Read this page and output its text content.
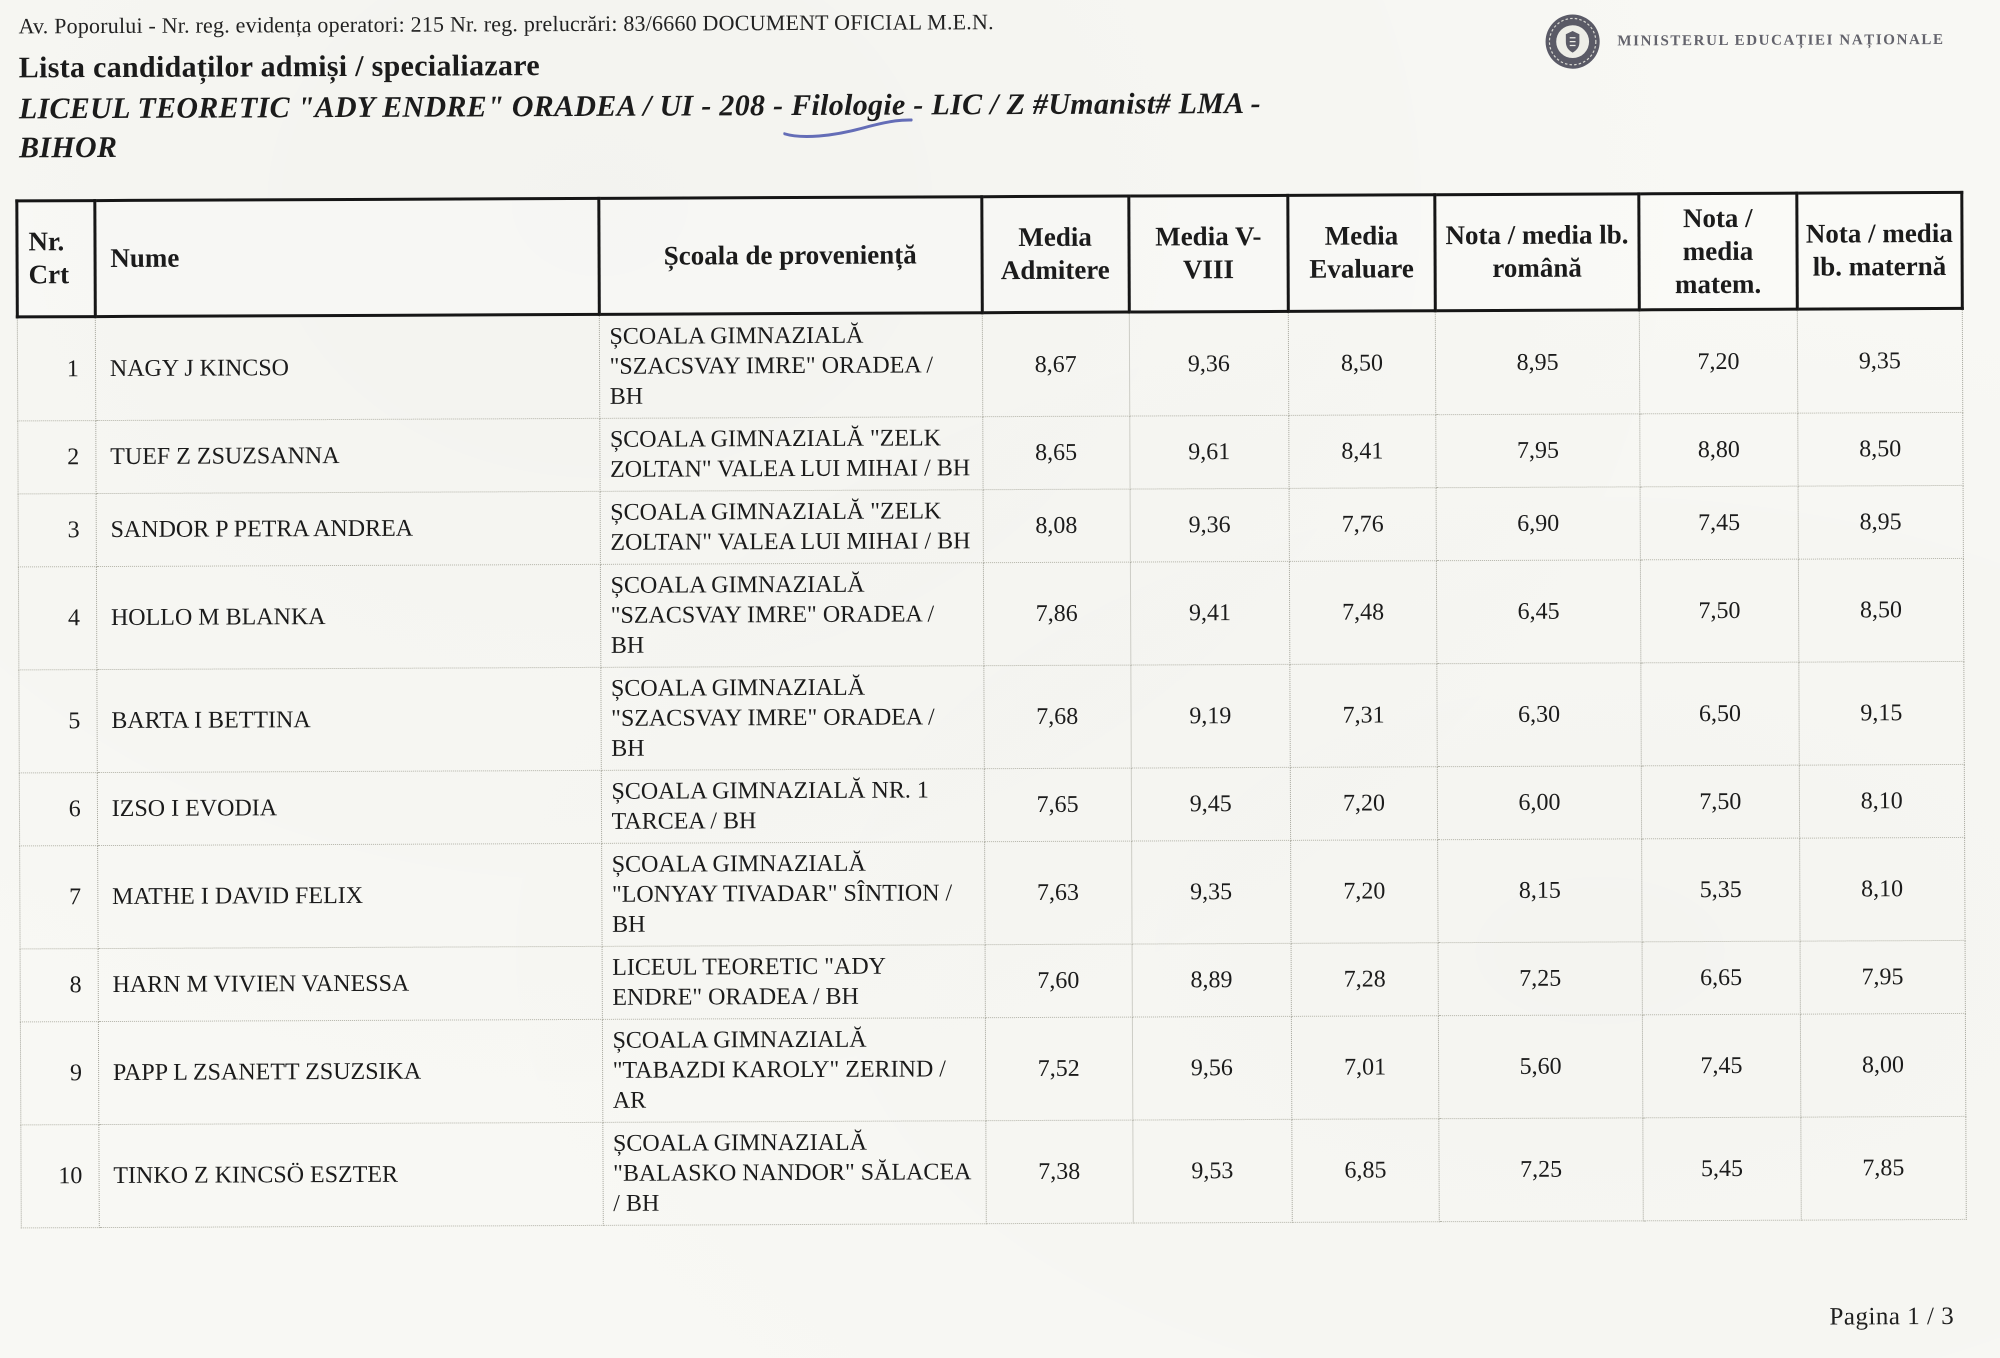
Av. Poporului - Nr. reg. evidența operatori: 215 Nr. reg. prelucrări: 83/6660 DOCUMENT OFICIAL M.E.N.
MINISTERUL EDUCAȚIEI NAȚIONALE
Lista candidaților admiși / specialiazare
LICEUL TEORETIC "ADY ENDRE" ORADEA / UI - 208 - Filologie
- LIC / Z #Umanist# LMA -
BIHOR
Nr. Crt	Nume	Școala de proveniență	Media Admitere	Media V-VIII	Media Evaluare	Nota / media lb. română	Nota / media matem.	Nota / media lb. maternă
1	NAGY J KINCSO	ȘCOALA GIMNAZIALĂ "SZACSVAY IMRE" ORADEA / BH	8,67	9,36	8,50	8,95	7,20	9,35
2	TUEF Z ZSUZSANNA	ȘCOALA GIMNAZIALĂ "ZELK ZOLTAN" VALEA LUI MIHAI / BH	8,65	9,61	8,41	7,95	8,80	8,50
3	SANDOR P PETRA ANDREA	ȘCOALA GIMNAZIALĂ "ZELK ZOLTAN" VALEA LUI MIHAI / BH	8,08	9,36	7,76	6,90	7,45	8,95
4	HOLLO M BLANKA	ȘCOALA GIMNAZIALĂ "SZACSVAY IMRE" ORADEA / BH	7,86	9,41	7,48	6,45	7,50	8,50
5	BARTA I BETTINA	ȘCOALA GIMNAZIALĂ "SZACSVAY IMRE" ORADEA / BH	7,68	9,19	7,31	6,30	6,50	9,15
6	IZSO I EVODIA	ȘCOALA GIMNAZIALĂ NR. 1 TARCEA / BH	7,65	9,45	7,20	6,00	7,50	8,10
7	MATHE I DAVID FELIX	ȘCOALA GIMNAZIALĂ "LONYAY TIVADAR" SÎNTION / BH	7,63	9,35	7,20	8,15	5,35	8,10
8	HARN M VIVIEN VANESSA	LICEUL TEORETIC "ADY ENDRE" ORADEA / BH	7,60	8,89	7,28	7,25	6,65	7,95
9	PAPP L ZSANETT ZSUZSIKA	ȘCOALA GIMNAZIALĂ "TABAZDI KAROLY" ZERIND / AR	7,52	9,56	7,01	5,60	7,45	8,00
10	TINKO Z KINCSÖ ESZTER	ȘCOALA GIMNAZIALĂ "BALASKO NANDOR" SĂLACEA / BH	7,38	9,53	6,85	7,25	5,45	7,85
Pagina 1 / 3
